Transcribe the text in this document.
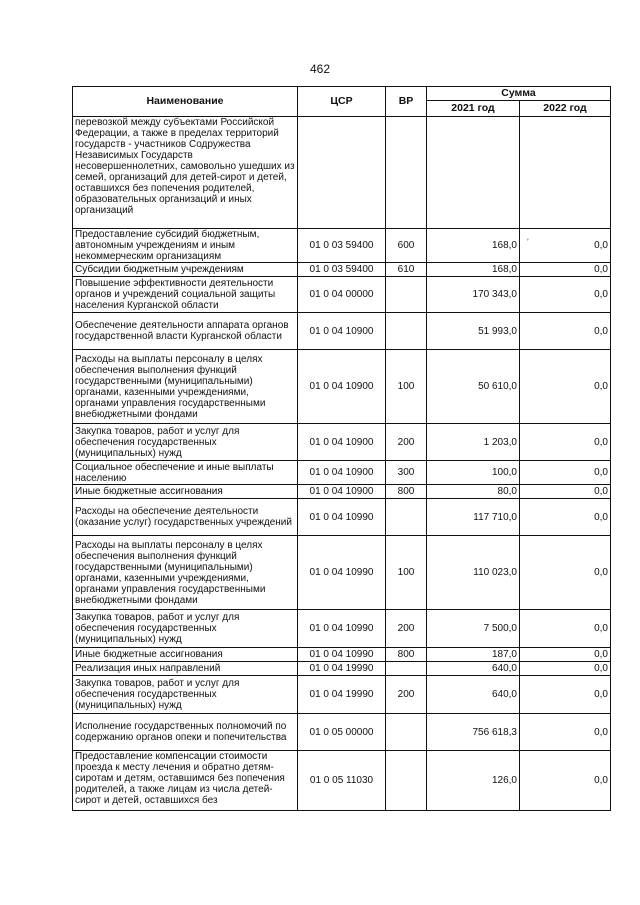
462
Наименование	ЦСР	ВР	Сумма	
			2021 год	2022 год
перевозкой между субъектами Российской Федерации, а также в пределах территорий государств - участников Содружества Независимых Государств несовершеннолетних, самовольно ушедших из семей, организаций для детей-сирот и детей, оставшихся без попечения родителей, образовательных организаций и иных организаций				
Предоставление субсидий бюджетным, автономным учреждениям и иным некоммерческим организациям	01 0 03 59400	600	168,0	0,0
Субсидии бюджетным учреждениям	01 0 03 59400	610	168,0	0,0
Повышение эффективности деятельности органов и учреждений социальной защиты населения Курганской области	01 0 04 00000		170 343,0	0,0
Обеспечение деятельности аппарата органов государственной власти Курганской области	01 0 04 10900		51 993,0	0,0
Расходы на выплаты персоналу в целях обеспечения выполнения функций государственными (муниципальными) органами, казенными учреждениями, органами управления государственными внебюджетными фондами	01 0 04 10900	100	50 610,0	0,0
Закупка товаров, работ и услуг для обеспечения государственных (муниципальных) нужд	01 0 04 10900	200	1 203,0	0,0
Социальное обеспечение и иные выплаты населению	01 0 04 10900	300	100,0	0,0
Иные бюджетные ассигнования	01 0 04 10900	800	80,0	0,0
Расходы на обеспечение деятельности (оказание услуг) государственных учреждений	01 0 04 10990		117 710,0	0,0
Расходы на выплаты персоналу в целях обеспечения выполнения функций государственными (муниципальными) органами, казенными учреждениями, органами управления государственными внебюджетными фондами	01 0 04 10990	100	110 023,0	0,0
Закупка товаров, работ и услуг для обеспечения государственных (муниципальных) нужд	01 0 04 10990	200	7 500,0	0,0
Иные бюджетные ассигнования	01 0 04 10990	800	187,0	0,0
Реализация иных направлений	01 0 04 19990		640,0	0,0
Закупка товаров, работ и услуг для обеспечения государственных (муниципальных) нужд	01 0 04 19990	200	640,0	0,0
Исполнение государственных полномочий по содержанию органов опеки и попечительства	01 0 05 00000		756 618,3	0,0
Предоставление компенсации стоимости проезда к месту лечения и обратно детям-сиротам и детям, оставшимся без попечения родителей, а также лицам из числа детей-сирот и детей, оставшихся без	01 0 05 11030		126,0	0,0
ʼ
